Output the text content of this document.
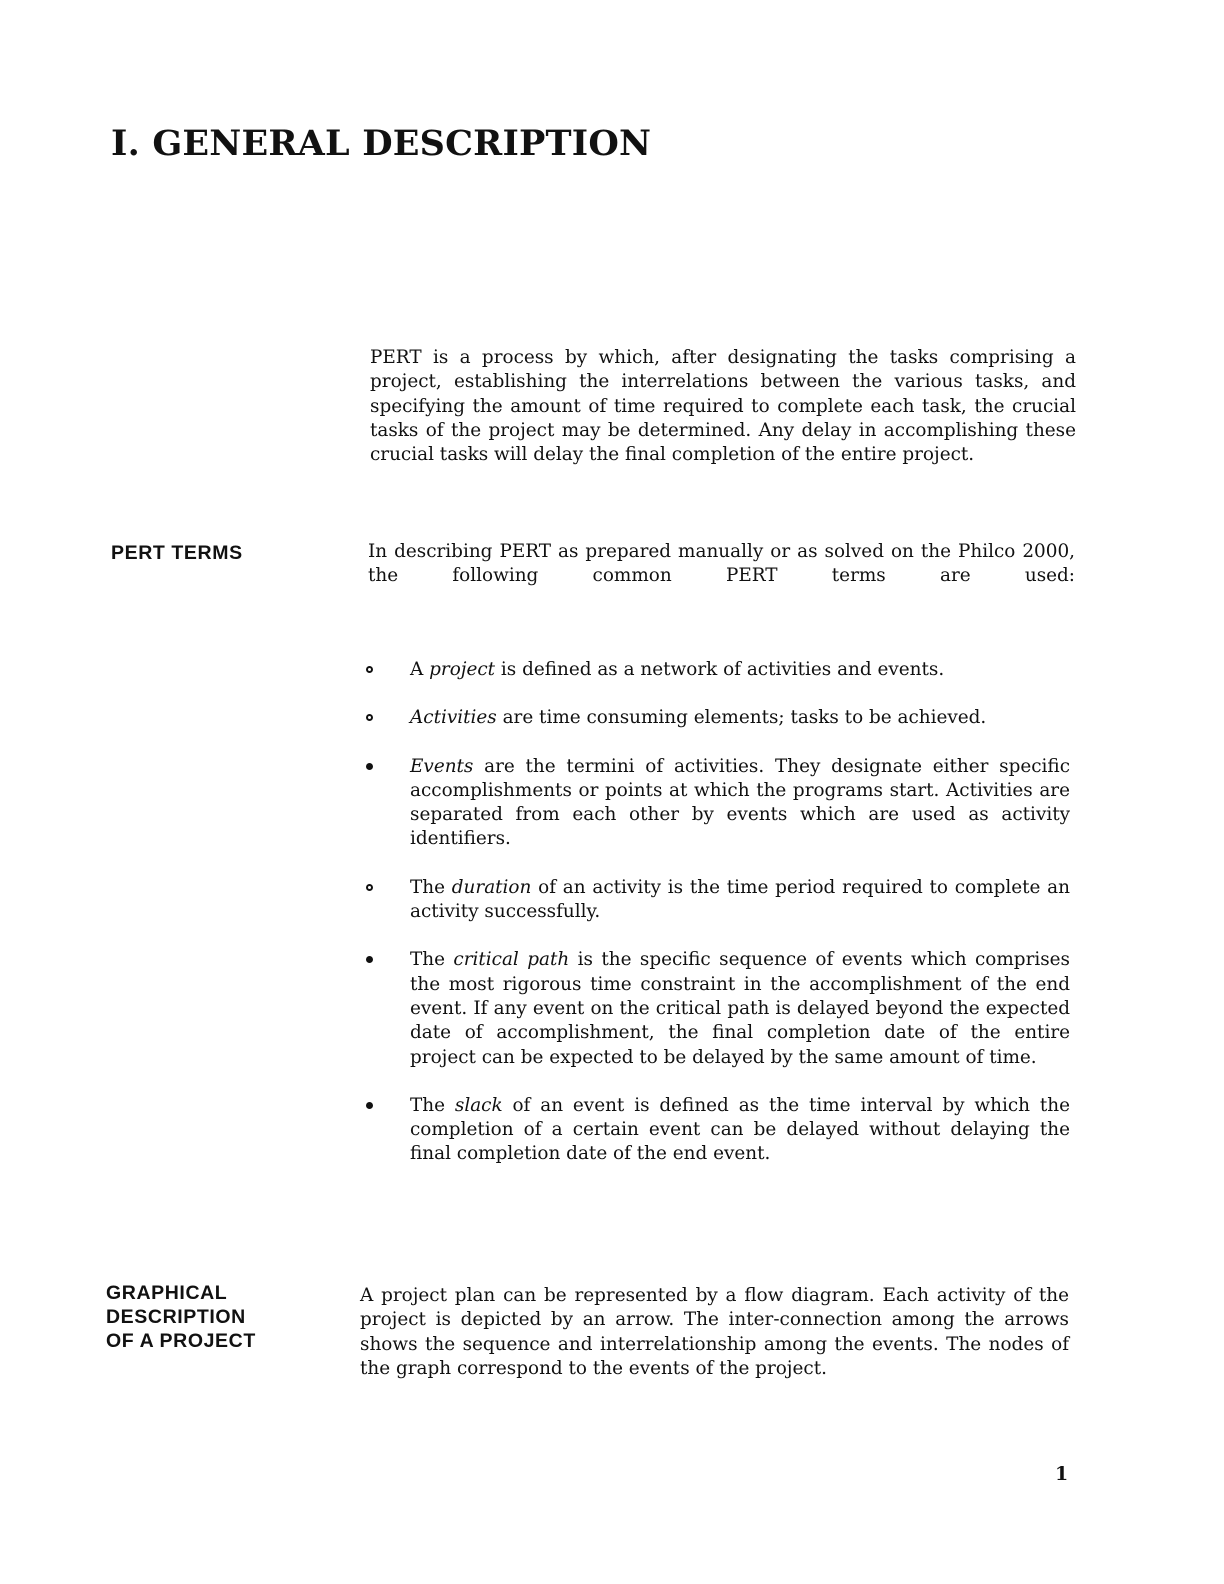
I. GENERAL DESCRIPTION

PERT is a process by which, after designating the tasks comprising a project, establishing the interrelations between the various tasks, and specifying the amount of time required to complete each task, the crucial tasks of the project may be determined. Any delay in accomplishing these crucial tasks will delay the final completion of the entire project.

PERT TERMS	In describing PERT as prepared manually or as solved on the Philco 2000, the following common PERT terms are used:

A project is defined as a network of activities and events.
Activities are time consuming elements; tasks to be achieved.
Events are the termini of activities. They designate either specific accomplishments or points at which the programs start. Activities are separated from each other by events which are used as activity identifiers.
The duration of an activity is the time period required to complete an activity successfully.
The critical path is the specific sequence of events which comprises the most rigorous time constraint in the accomplishment of the end event. If any event on the critical path is delayed beyond the expected date of accomplishment, the final completion date of the entire project can be expected to be delayed by the same amount of time.
The slack of an event is defined as the time interval by which the completion of a certain event can be delayed without delaying the final completion date of the end event.
GRAPHICAL
DESCRIPTION
OF A PROJECT

A project plan can be represented by a flow diagram. Each activity of the project is depicted by an arrow. The inter-connection among the arrows shows the sequence and interrelationship among the events. The nodes of the graph correspond to the events of the project.

1
